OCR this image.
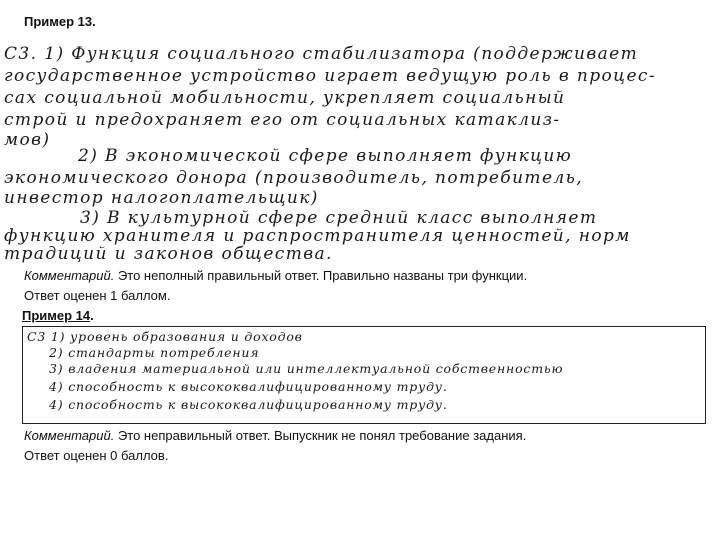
Пример 13.
С3. 1) Функция социального стабилизатора (поддерживает
государственное устройство играет ведущую роль в процес-
сах социальной мобильности, укрепляет социальный
строй и предохраняет его от социальных катаклиз-
мов)
2) В экономической сфере выполняет функцию
экономического донора (производитель, потребитель,
инвестор налогоплательщик)
3) В культурной сфере средний класс выполняет
функцию хранителя и распространителя ценностей, норм
традиций и законов общества.
Комментарий. Это неполный правильный ответ. Правильно названы три функции.
Ответ оценен 1 баллом.
Пример 14.
С3 1) уровень образования и доходов
2) стандарты потребления
3) владения материальной или интеллектуальной собственностью
4) способность к высококвалифицированному труду.
4) способность к высококвалифицированному труду.
Комментарий. Это неправильный ответ. Выпускник не понял требование задания.
Ответ оценен 0 баллов.
